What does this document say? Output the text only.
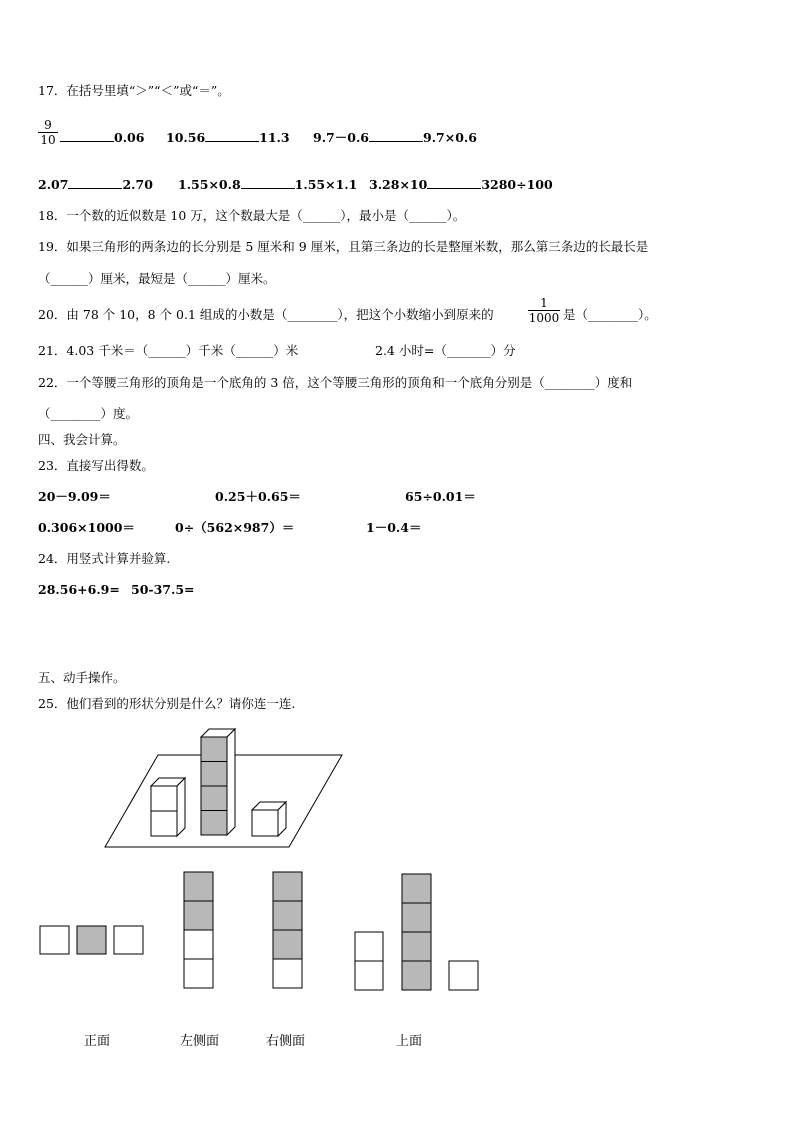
17．在括号里填“＞”“＜”或“＝”。
9
10	0.06 10.56	11.3 9.7－0.6	9.7×0.6
2.07	2.70 1.55×0.8	1.55×1.1 3.28×10	3280÷100
18．一个数的近似数是 10 万，这个数最大是（______），最小是（______）。
19．如果三角形的两条边的长分别是 5 厘米和 9 厘米，且第三条边的长是整厘米数，那么第三条边的长最长是
（______）厘米，最短是（______）厘米。
20．由 78 个 10，8 个 0.1 组成的小数是（________），把这个小数缩小到原来的
1
1000 是（________）。
21．4.03 千米＝（______）千米（______）米	2.4 小时=（_______）分
22．一个等腰三角形的顶角是一个底角的 3 倍，这个等腰三角形的顶角和一个底角分别是（________）度和
（________）度。
四、我会计算。
23．直接写出得数。
20－9.09＝	0.25＋0.65＝	65÷0.01＝
0.306×1000＝	0÷（562×987）＝	1－0.4＝
24．用竖式计算并验算.
28.56+6.9= 50-37.5=
五、动手操作。
25．他们看到的形状分别是什么？请你连一连.
正面	左侧面	右侧面	上面
